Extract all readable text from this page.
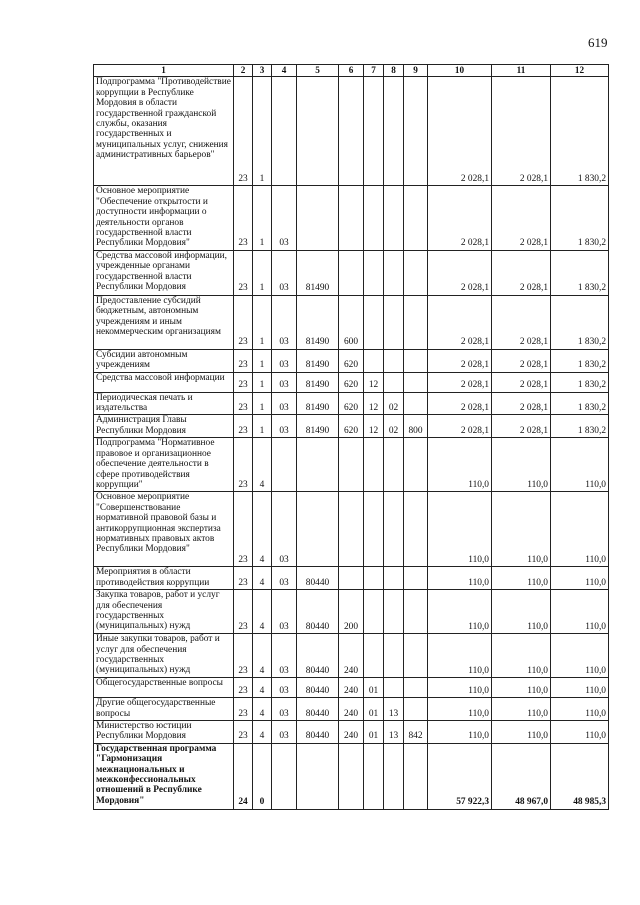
619
1	2	3	4	5	6	7	8	9	10	11	12
Подпрограмма "Противодействие коррупции в Республике Мордовия в области государственной гражданской службы, оказания государственных и муниципальных услуг, снижения административных барьеров"	23	1							2 028,1	2 028,1	1 830,2
Основное мероприятие "Обеспечение открытости и доступности информации о деятельности органов государственной власти Республики Мордовия"	23	1	03						2 028,1	2 028,1	1 830,2
Средства массовой информации, учрежденные органами государственной власти Республики Мордовия	23	1	03	81490					2 028,1	2 028,1	1 830,2
Предоставление субсидий бюджетным, автономным учреждениям и иным некоммерческим организациям	23	1	03	81490	600				2 028,1	2 028,1	1 830,2
Субсидии автономным учреждениям	23	1	03	81490	620				2 028,1	2 028,1	1 830,2
Средства массовой информации	23	1	03	81490	620	12			2 028,1	2 028,1	1 830,2
Периодическая печать и издательства	23	1	03	81490	620	12	02		2 028,1	2 028,1	1 830,2
Администрация Главы Республики Мордовия	23	1	03	81490	620	12	02	800	2 028,1	2 028,1	1 830,2
Подпрограмма "Нормативное правовое и организационное обеспечение деятельности в сфере противодействия коррупции"	23	4							110,0	110,0	110,0
Основное мероприятие "Совершенствование нормативной правовой базы и антикоррупционная экспертиза нормативных правовых актов Республики Мордовия"	23	4	03						110,0	110,0	110,0
Мероприятия в области противодействия коррупции	23	4	03	80440					110,0	110,0	110,0
Закупка товаров, работ и услуг для обеспечения государственных (муниципальных) нужд	23	4	03	80440	200				110,0	110,0	110,0
Иные закупки товаров, работ и услуг для обеспечения государственных (муниципальных) нужд	23	4	03	80440	240				110,0	110,0	110,0
Общегосударственные вопросы	23	4	03	80440	240	01			110,0	110,0	110,0
Другие общегосударственные вопросы	23	4	03	80440	240	01	13		110,0	110,0	110,0
Министерство юстиции Республики Мордовия	23	4	03	80440	240	01	13	842	110,0	110,0	110,0
Государственная программа "Гармонизация межнациональных и межконфессиональных отношений в Республике Мордовия"	24	0							57 922,3	48 967,0	48 985,3
